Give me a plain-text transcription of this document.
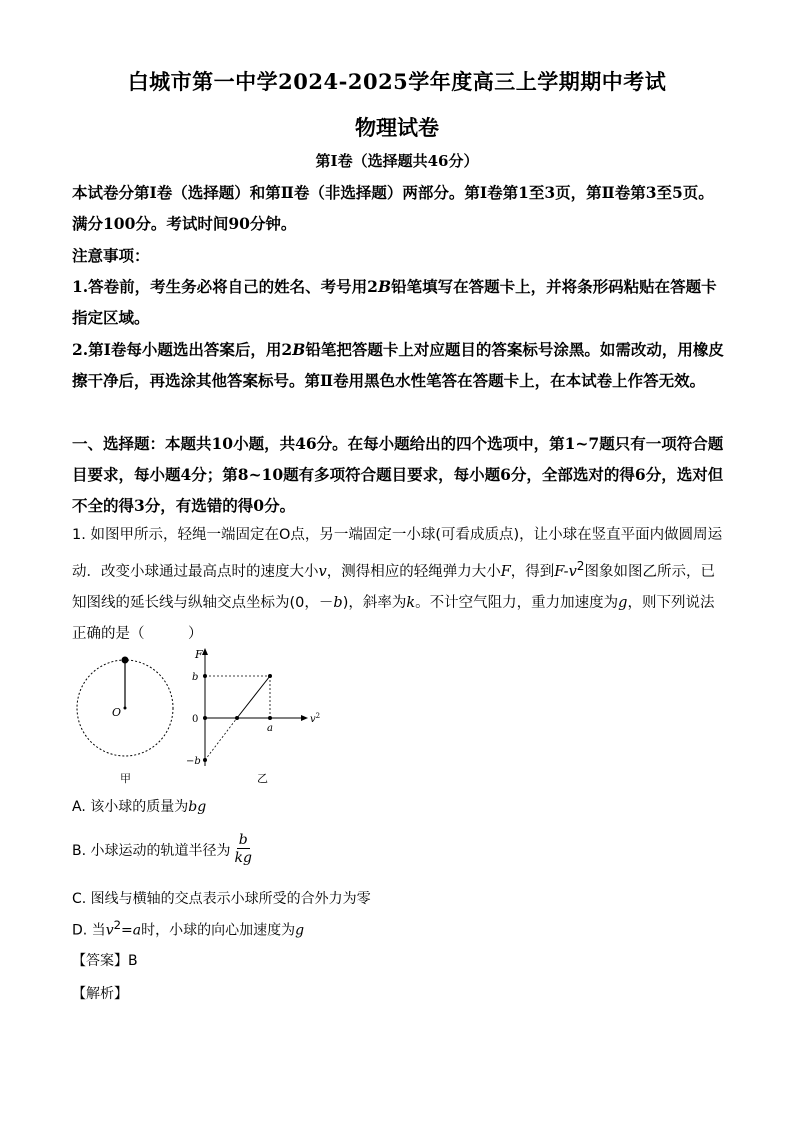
白城市第一中学2024-2025学年度高三上学期期中考试
物理试卷
第Ⅰ卷（选择题共46分）
本试卷分第Ⅰ卷（选择题）和第Ⅱ卷（非选择题）两部分。第Ⅰ卷第1至3页，第Ⅱ卷第3至5页。满分100分。考试时间90分钟。
注意事项：
1.答卷前，考生务必将自己的姓名、考号用2B铅笔填写在答题卡上，并将条形码粘贴在答题卡指定区域。
2.第Ⅰ卷每小题选出答案后，用2B铅笔把答题卡上对应题目的答案标号涂黑。如需改动，用橡皮擦干净后，再选涂其他答案标号。第Ⅱ卷用黑色水性笔答在答题卡上，在本试卷上作答无效。
一、选择题：本题共10小题，共46分。在每小题给出的四个选项中，第1~7题只有一项符合题目要求，每小题4分；第8~10题有多项符合题目要求，每小题6分，全部选对的得6分，选对但不全的得3分，有选错的得0分。
1. 如图甲所示，轻绳一端固定在O点，另一端固定一小球(可看成质点)，让小球在竖直平面内做圆周运动．改变小球通过最高点时的速度大小v，测得相应的轻绳弹力大小F，得到$F-v^2$图象如图乙所示，已知图线的延长线与纵轴交点坐标为(0，－b)，斜率为k。不计空气阻力，重力加速度为g，则下列说法正确的是（　　　）
O
甲
F
$v^2$
b
0
−b
a
乙
A. 该小球的质量为bg
B. 小球运动的轨道半径为 $\frac{b}{kg}$
C. 图线与横轴的交点表示小球所受的合外力为零
D. 当$v^2=a$时，小球的向心加速度为g
【答案】B
【解析】
